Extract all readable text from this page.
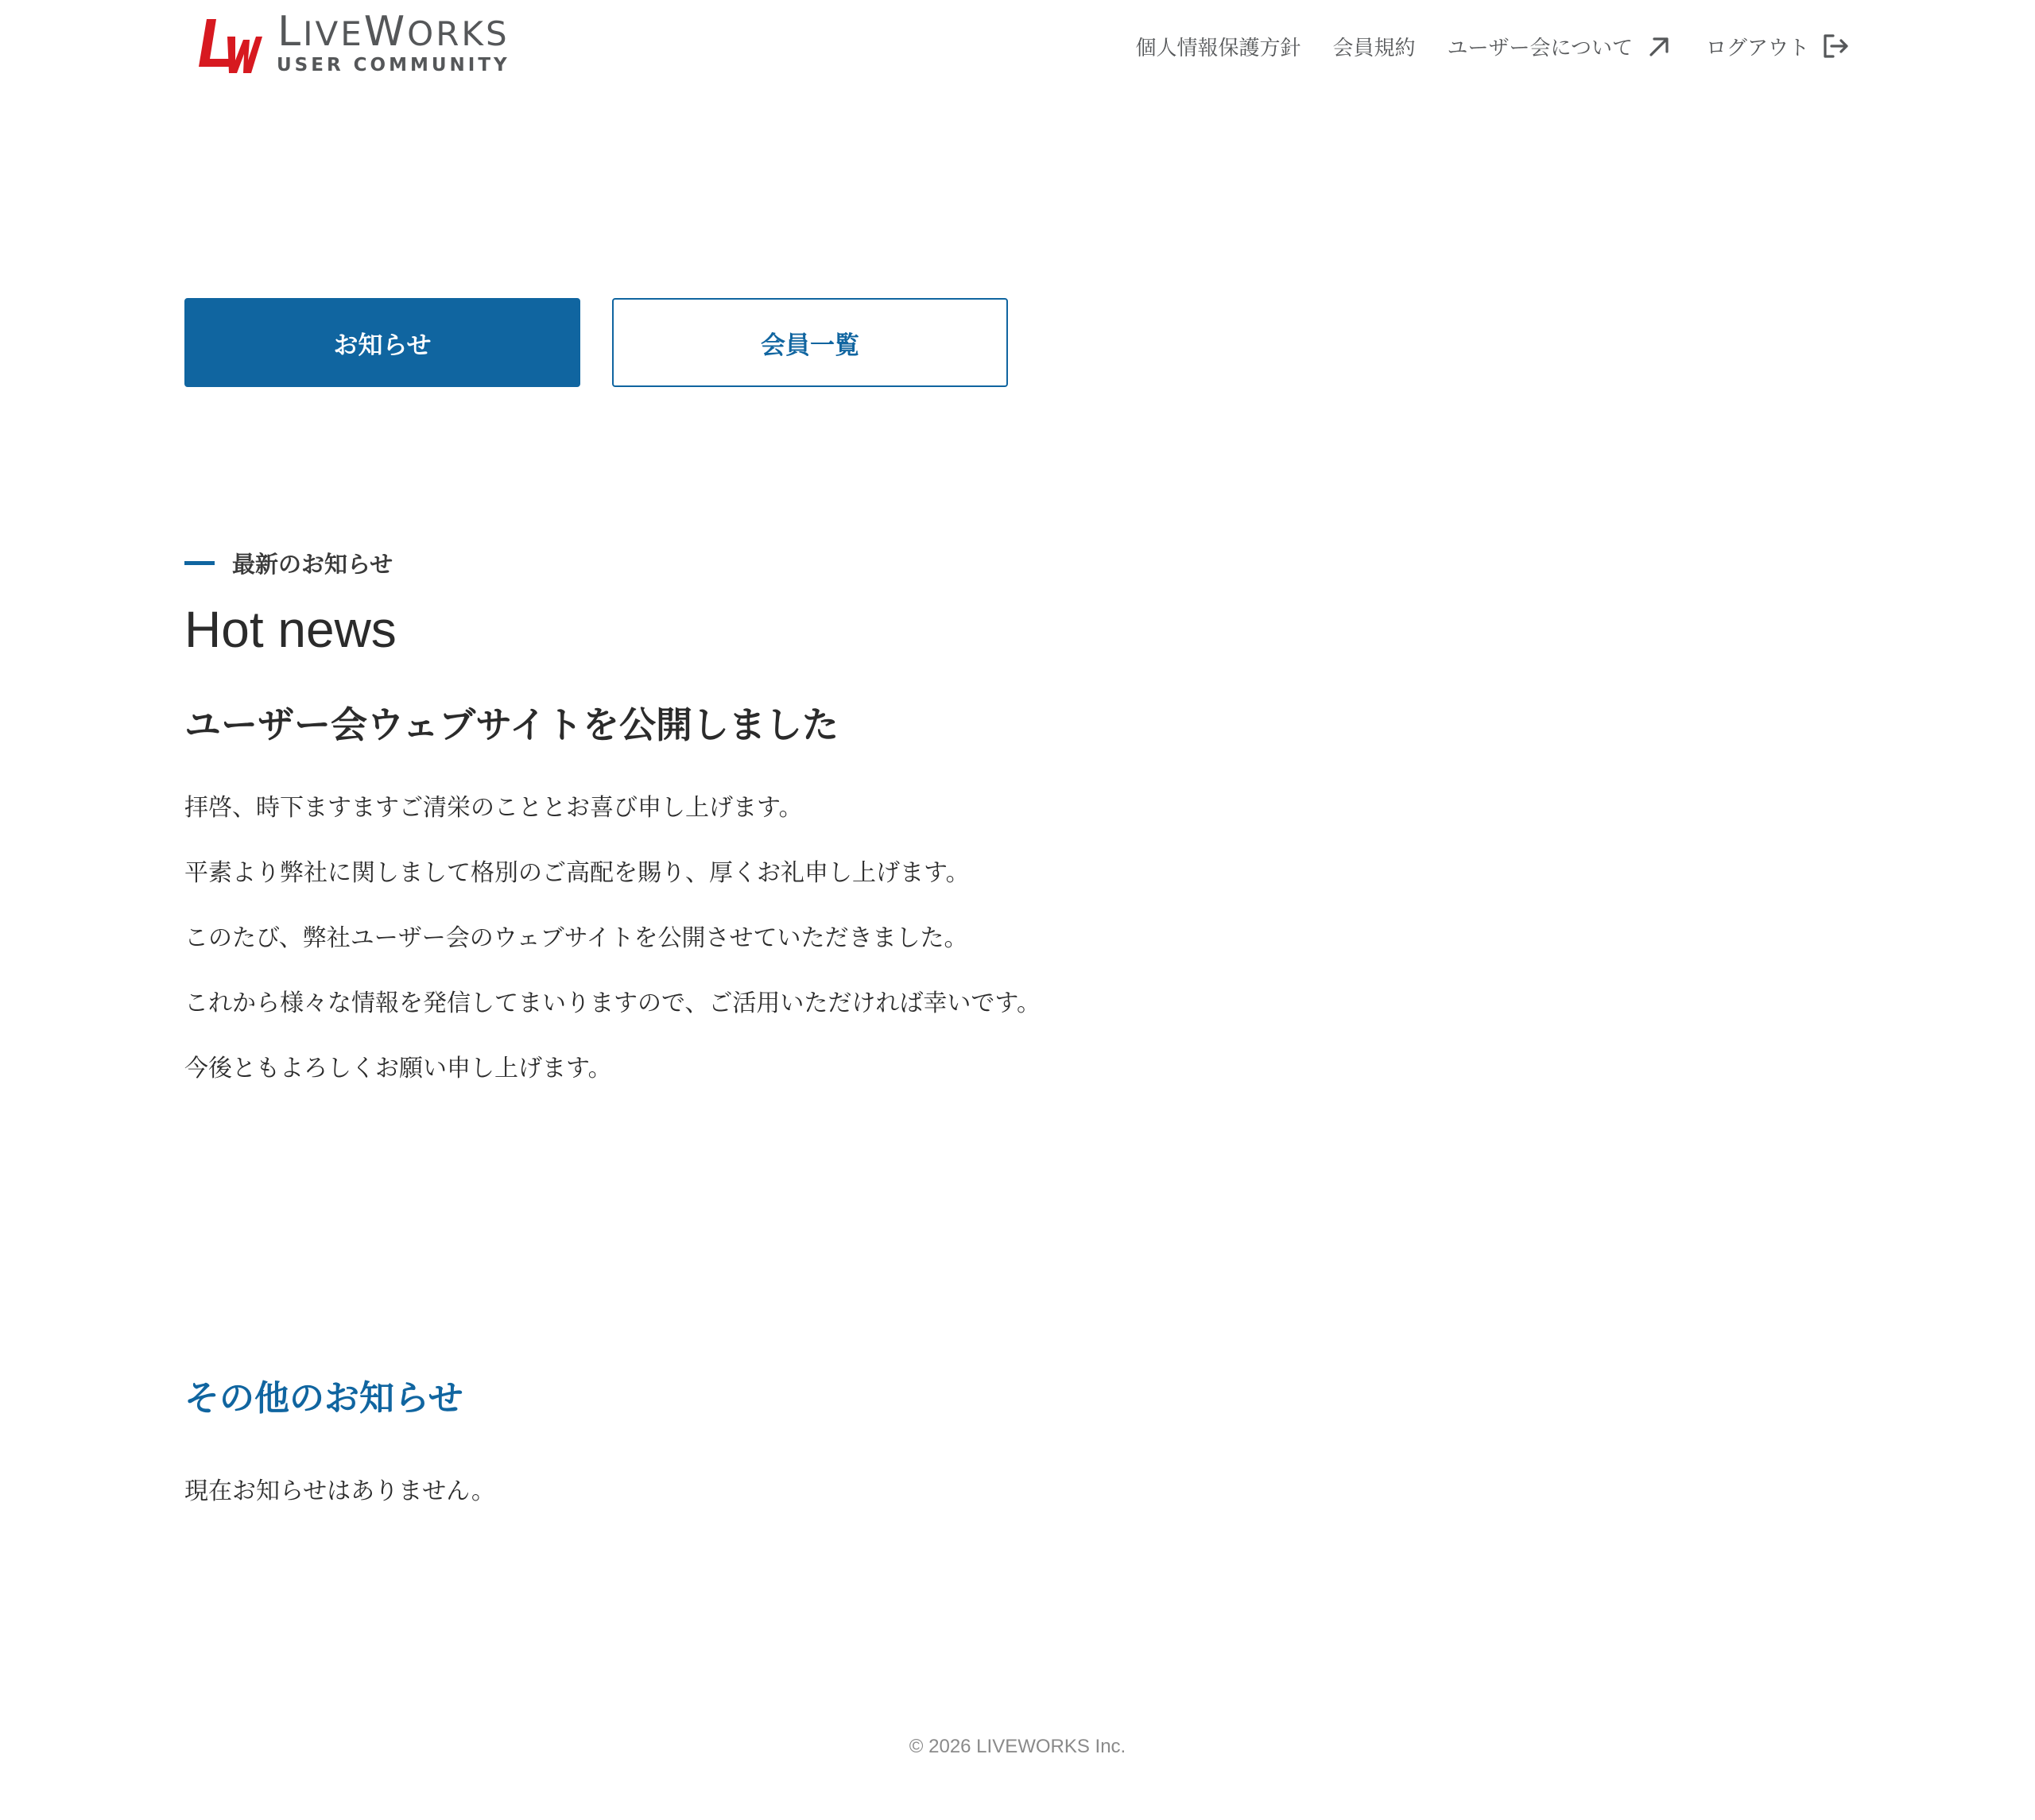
LIVEWORKS
USER COMMUNITY
個人情報保護方針 会員規約 ユーザー会について	ログアウト
お知らせ	会員一覧
最新のお知らせ
Hot news
ユーザー会ウェブサイトを公開しました

拝啓、時下ますますご清栄のこととお喜び申し上げます。

平素より弊社に関しまして格別のご高配を賜り、厚くお礼申し上げます。

このたび、弊社ユーザー会のウェブサイトを公開させていただきました。

これから様々な情報を発信してまいりますので、ご活用いただければ幸いです。

今後ともよろしくお願い申し上げます。

その他のお知らせ
現在お知らせはありません。
© 2026 LIVEWORKS Inc.
